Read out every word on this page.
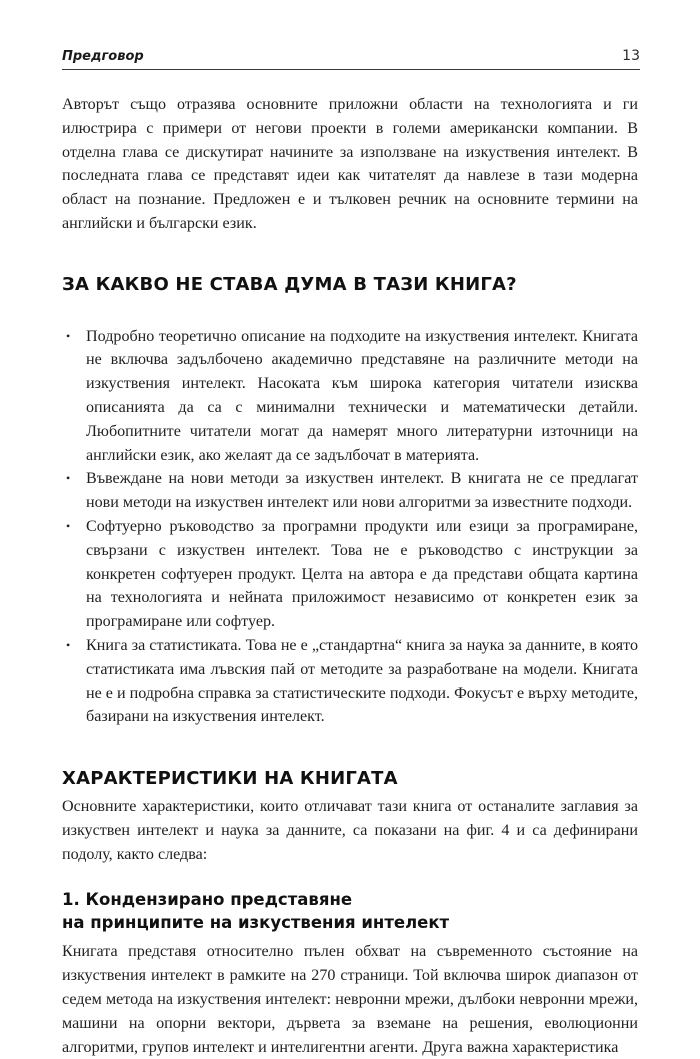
Предговор	13

Авторът също отразява основните приложни области на технологията и ги илюстрира с примери от негови проекти в големи американски компании. В отделна глава се дискутират начините за използване на изкуствения интелект. В последната глава се представят идеи как читателят да навлезе в тази модерна област на познание. Предложен е и тълковен речник на основните термини на английски и български език.

ЗА КАКВО НЕ СТАВА ДУМА В ТАЗИ КНИГА?
• Подробно теоретично описание на подходите на изкуствения интелект. Книгата не включва задълбочено академично представяне на различните методи на изкуствения интелект. Насоката към широка категория читатели изисква описанията да са с минимални технически и математически детайли. Любопитните читатели могат да намерят много литературни източници на английски език, ако желаят да се задълбочат в материята.
• Въвеждане на нови методи за изкуствен интелект. В книгата не се предлагат нови методи на изкуствен интелект или нови алгоритми за известните подходи.
• Софтуерно ръководство за програмни продукти или езици за програмиране, свързани с изкуствен интелект. Това не е ръководство с инструкции за конкретен софтуерен продукт. Целта на автора е да представи общата картина на технологията и нейната приложимост независимо от конкретен език за програмиране или софтуер.
• Книга за статистиката. Това не е „стандартна“ книга за наука за данните, в която статистиката има лъвския пай от методите за разработване на модели. Книгата не е и подробна справка за статистическите подходи. Фокусът е върху методите, базирани на изкуствения интелект.
ХАРАКТЕРИСТИКИ НА КНИГАТА

Основните характеристики, които отличават тази книга от останалите заглавия за изкуствен интелект и наука за данните, са показани на фиг. 4 и са дефинирани подолу, както следва:

1. Кондензирано представяне
на принципите на изкуствения интелект

Книгата представя относително пълен обхват на съвременното състояние на изкуствения интелект в рамките на 270 страници. Той включва широк диапазон от седем метода на изкуствения интелект: невронни мрежи, дълбоки невронни мрежи, машини на опорни вектори, дървета за вземане на решения, еволюционни алгоритми, групов интелект и интелигентни агенти. Друга важна характеристика
